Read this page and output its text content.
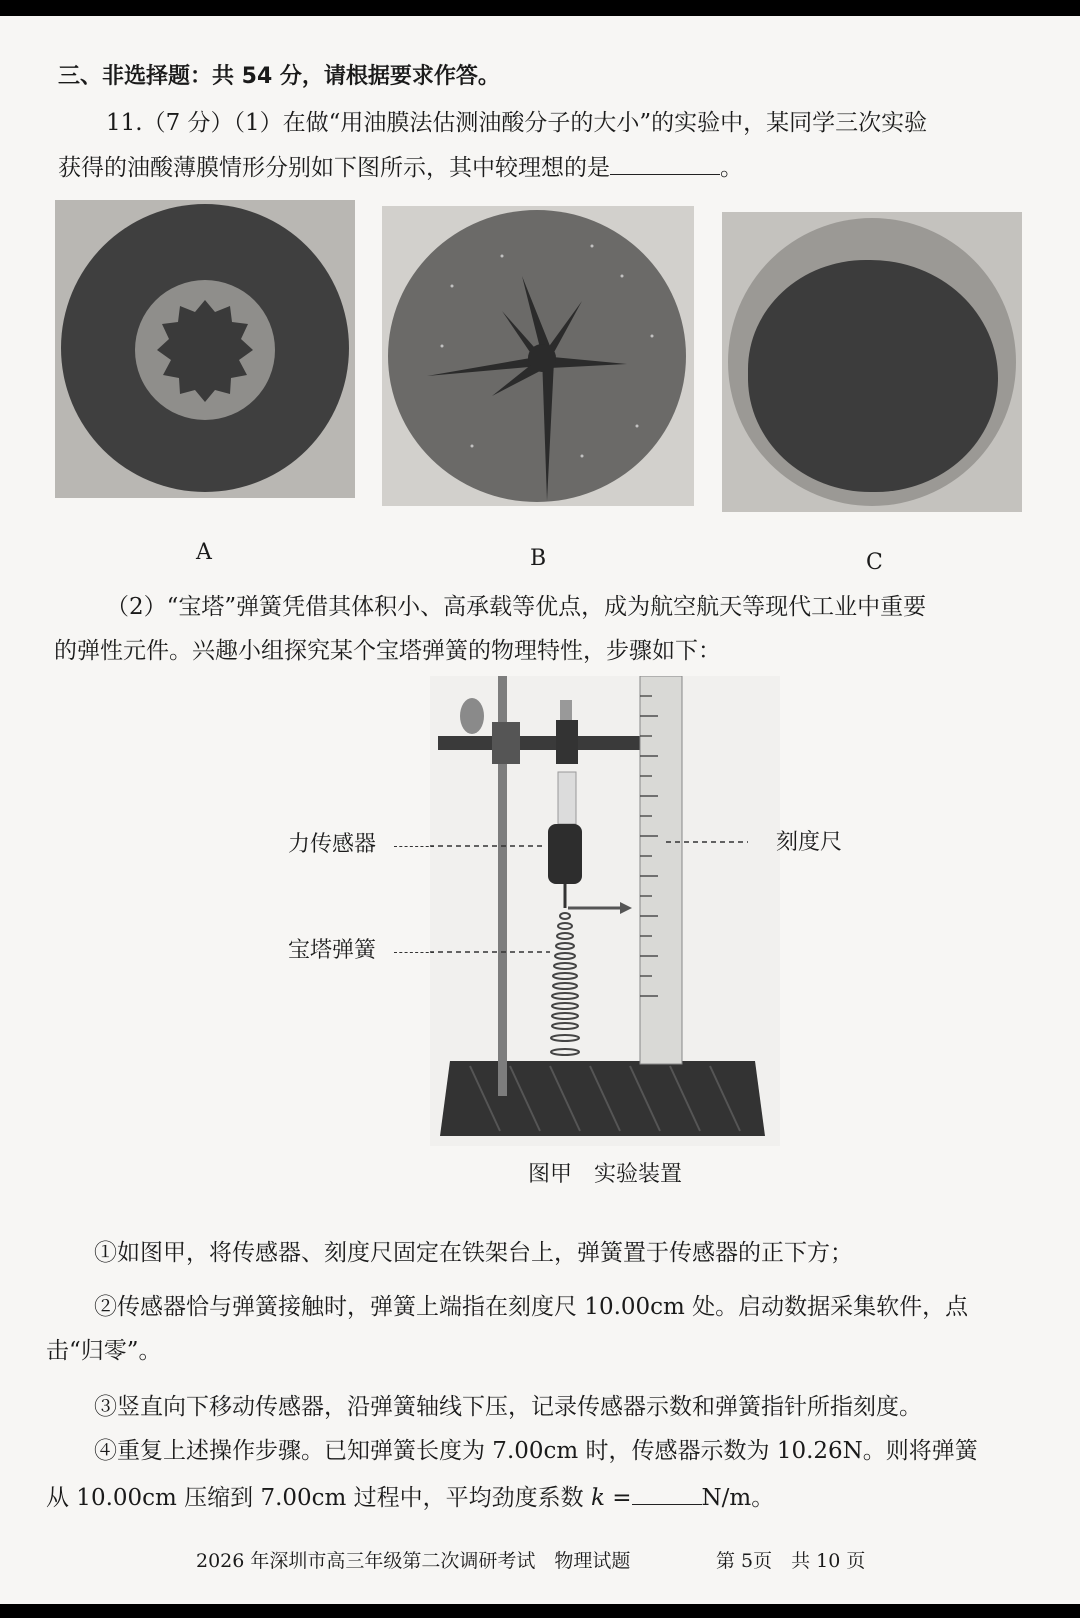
三、非选择题：共 54 分，请根据要求作答。
11.（7 分）（1）在做“用油膜法估测油酸分子的大小”的实验中，某同学三次实验
获得的油酸薄膜情形分别如下图所示，其中较理想的是	。
A	B	C
（2）“宝塔”弹簧凭借其体积小、高承载等优点，成为航空航天等现代工业中重要
的弹性元件。兴趣小组探究某个宝塔弹簧的物理特性，步骤如下：
力传感器
宝塔弹簧
刻度尺
图甲　实验装置
①如图甲，将传感器、刻度尺固定在铁架台上，弹簧置于传感器的正下方；
②传感器恰与弹簧接触时，弹簧上端指在刻度尺 10.00cm 处。启动数据采集软件，点
击“归零”。
③竖直向下移动传感器，沿弹簧轴线下压，记录传感器示数和弹簧指针所指刻度。
④重复上述操作步骤。已知弹簧长度为 7.00cm 时，传感器示数为 10.26N。则将弹簧
从 10.00cm 压缩到 7.00cm 过程中，平均劲度系数 k =	N/m。
2026 年深圳市高三年级第二次调研考试　物理试题	第 5页　共 10 页
